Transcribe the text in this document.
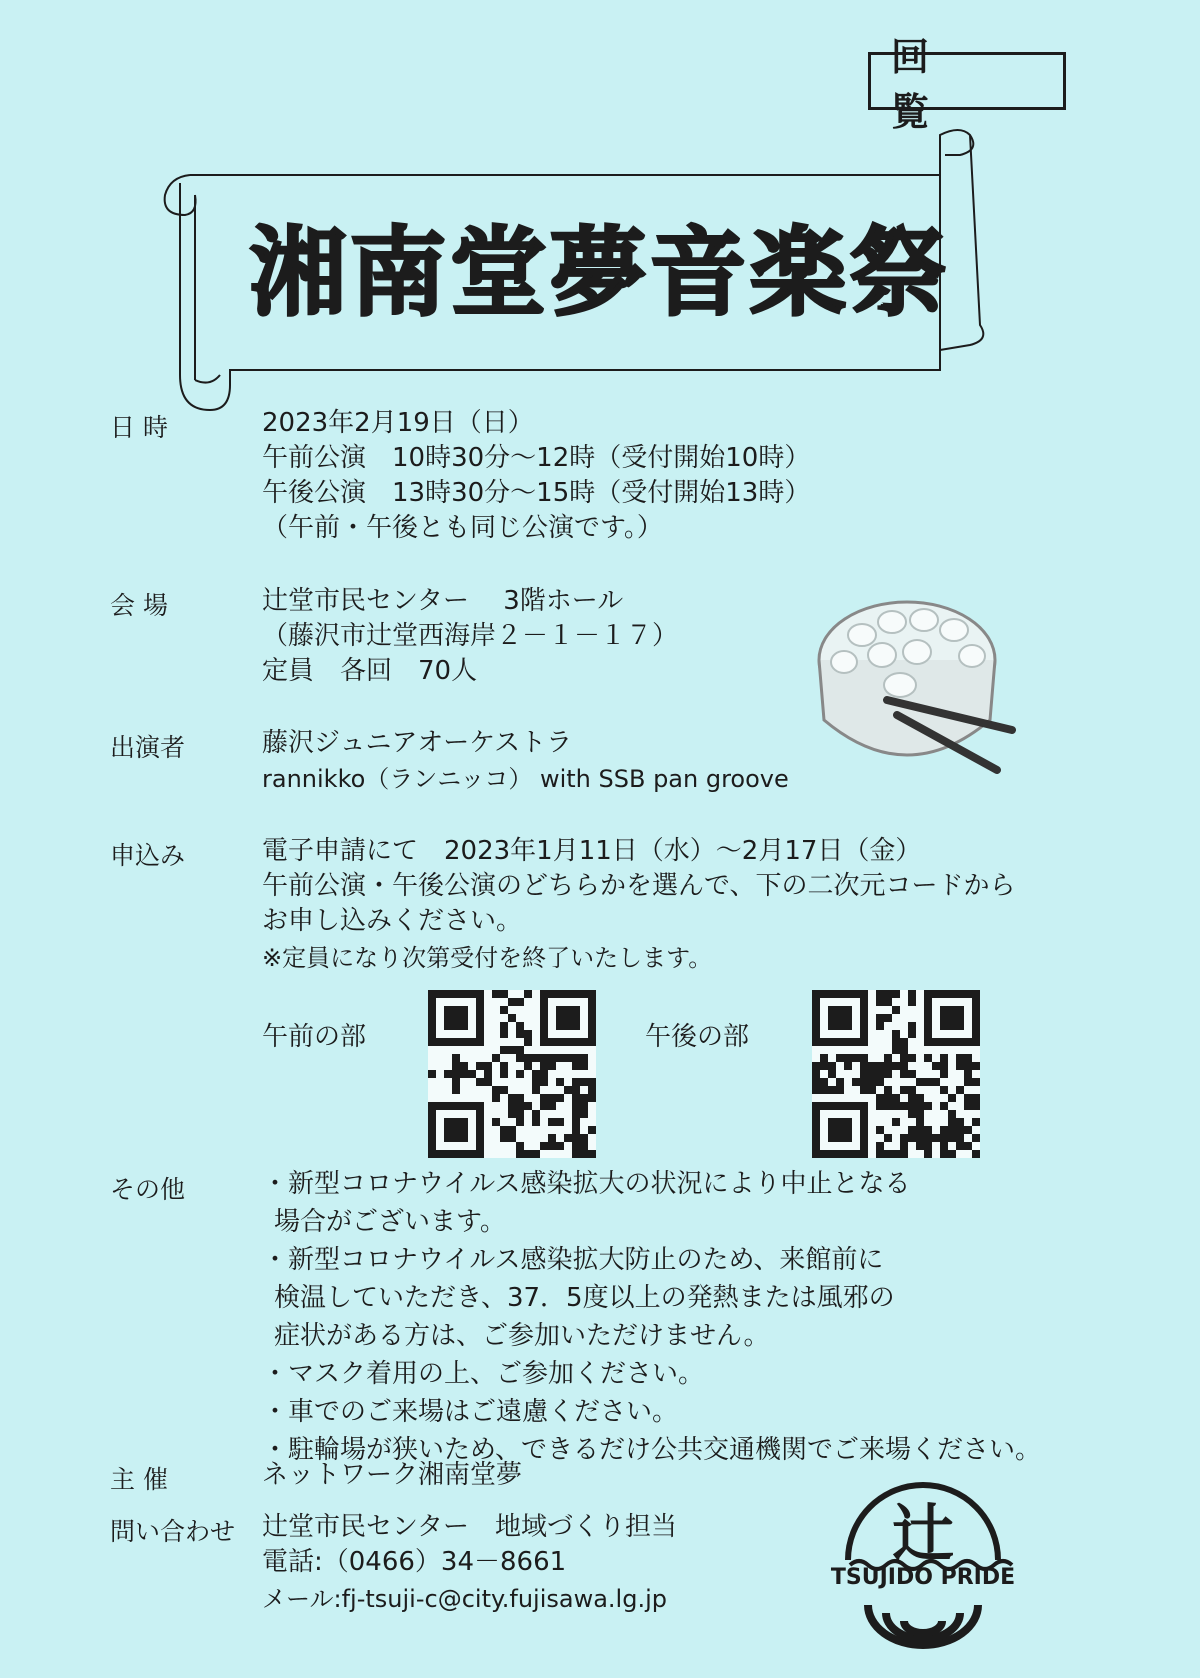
回 覧
湘南堂夢音楽祭
日 時	2023年2月19日（日）
午前公演　10時30分～12時（受付開始10時）
午後公演　13時30分～15時（受付開始13時）
（午前・午後とも同じ公演です。）
会 場	辻堂市民センター　 3階ホール
（藤沢市辻堂西海岸２－１－１７）
定員　各回　70人
出演者	藤沢ジュニアオーケストラ
rannikko（ランニッコ） with SSB pan groove
申込み	電子申請にて　2023年1月11日（水）～2月17日（金）
午前公演・午後公演のどちらかを選んで、下の二次元コードから
お申し込みください。
※定員になり次第受付を終了いたします。
午前の部	午後の部
その他	・新型コロナウイルス感染拡大の状況により中止となる
場合がございます。
・新型コロナウイルス感染拡大防止のため、来館前に
検温していただき、37．5度以上の発熱または風邪の
症状がある方は、ご参加いただけません。
・マスク着用の上、ご参加ください。
・車でのご来場はご遠慮ください。
・駐輪場が狭いため、できるだけ公共交通機関でご来場ください。
主 催	ネットワーク湘南堂夢
問い合わせ 辻堂市民センター　地域づくり担当
電話:（0466）34－8661
メール:fj-tsuji-c@city.fujisawa.lg.jp
辻
TSUJIDO PRIDE
